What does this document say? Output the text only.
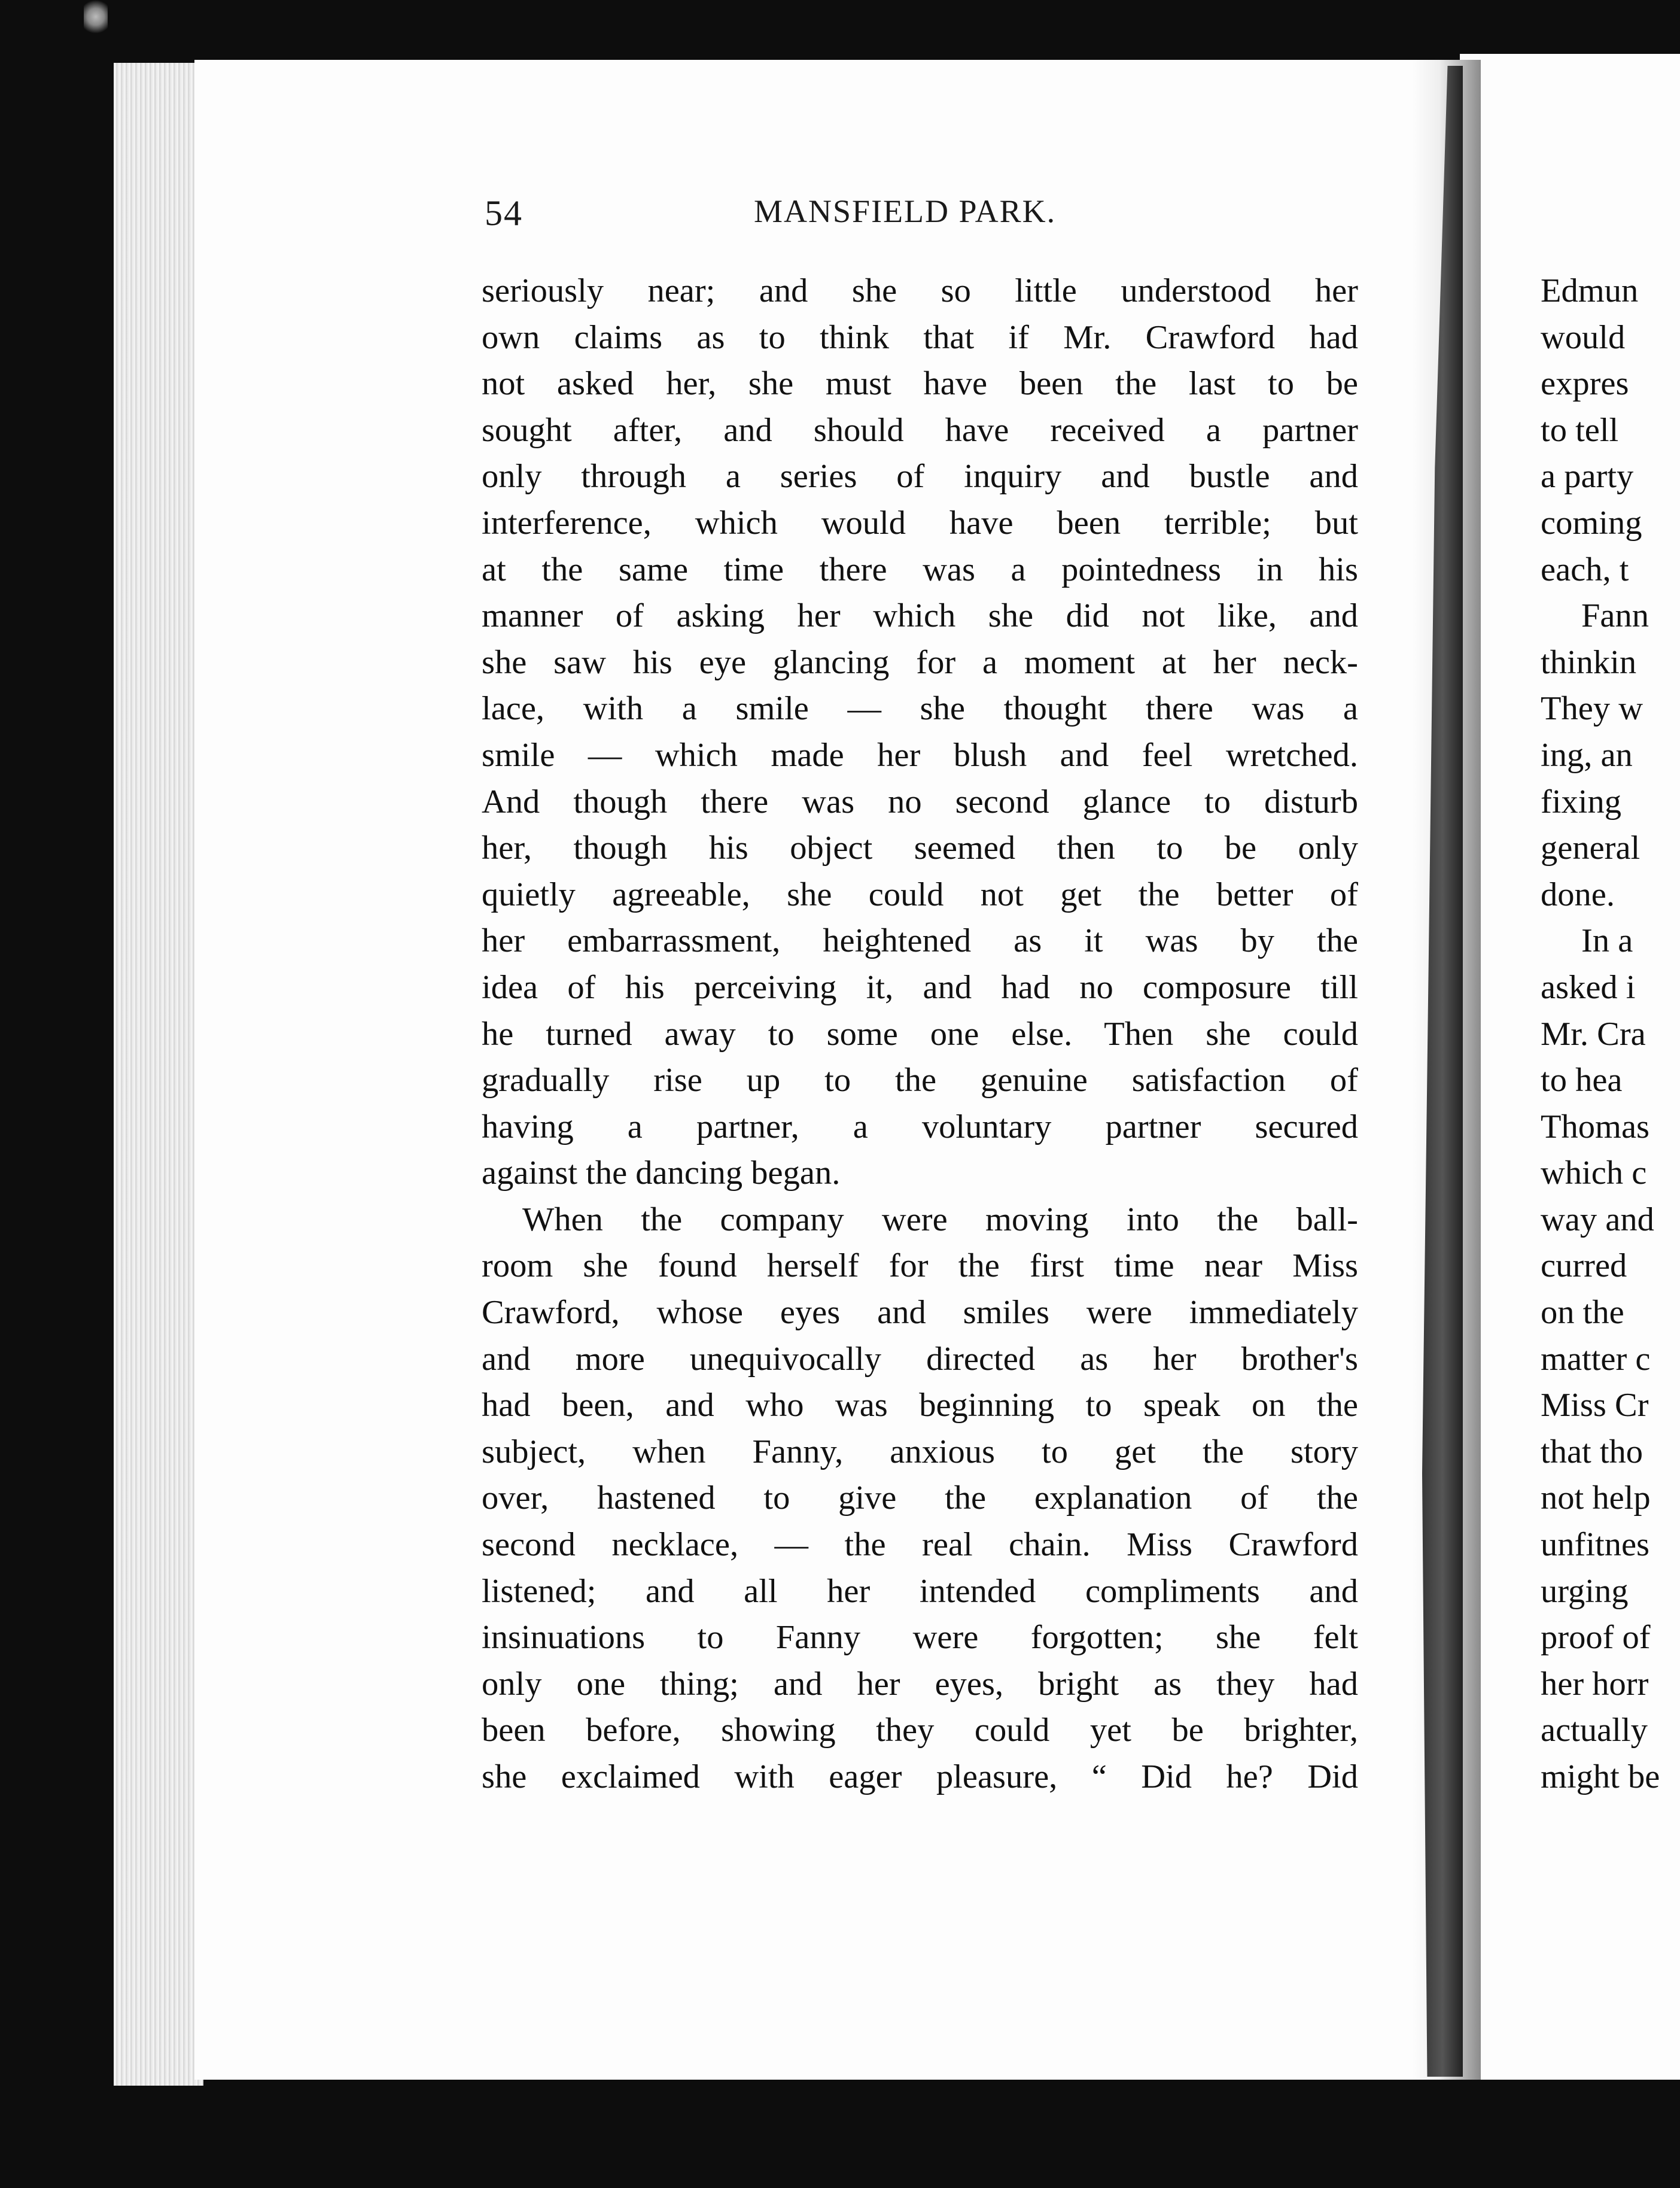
54	MANSFIELD PARK.
seriously near; and she so little understood her
own claims as to think that if Mr. Crawford had
not asked her, she must have been the last to be
sought after, and should have received a partner
only through a series of inquiry and bustle and
interference, which would have been terrible; but
at the same time there was a pointedness in his
manner of asking her which she did not like, and
she saw his eye glancing for a moment at her neck-
lace, with a smile — she thought there was a
smile — which made her blush and feel wretched.
And though there was no second glance to disturb
her, though his object seemed then to be only
quietly agreeable, she could not get the better of
her embarrassment, heightened as it was by the
idea of his perceiving it, and had no composure till
he turned away to some one else. Then she could
gradually rise up to the genuine satisfaction of
having a partner, a voluntary partner secured
against the dancing began.
When the company were moving into the ball-
room she found herself for the first time near Miss
Crawford, whose eyes and smiles were immediately
and more unequivocally directed as her brother's
had been, and who was beginning to speak on the
subject, when Fanny, anxious to get the story
over, hastened to give the explanation of the
second necklace, — the real chain. Miss Crawford
listened; and all her intended compliments and
insinuations to Fanny were forgotten; she felt
only one thing; and her eyes, bright as they had
been before, showing they could yet be brighter,
she exclaimed with eager pleasure, “ Did he? Did
Edmun
would
expres
to tell
a party
coming
each, t
Fann
thinkin
They w
ing, an
fixing
general
done.
In a
asked i
Mr. Cra
to hea
Thomas
which c
way and
curred
on the
matter c
Miss Cr
that tho
not help
unfitnes
urging
proof of
her horr
actually
might be
